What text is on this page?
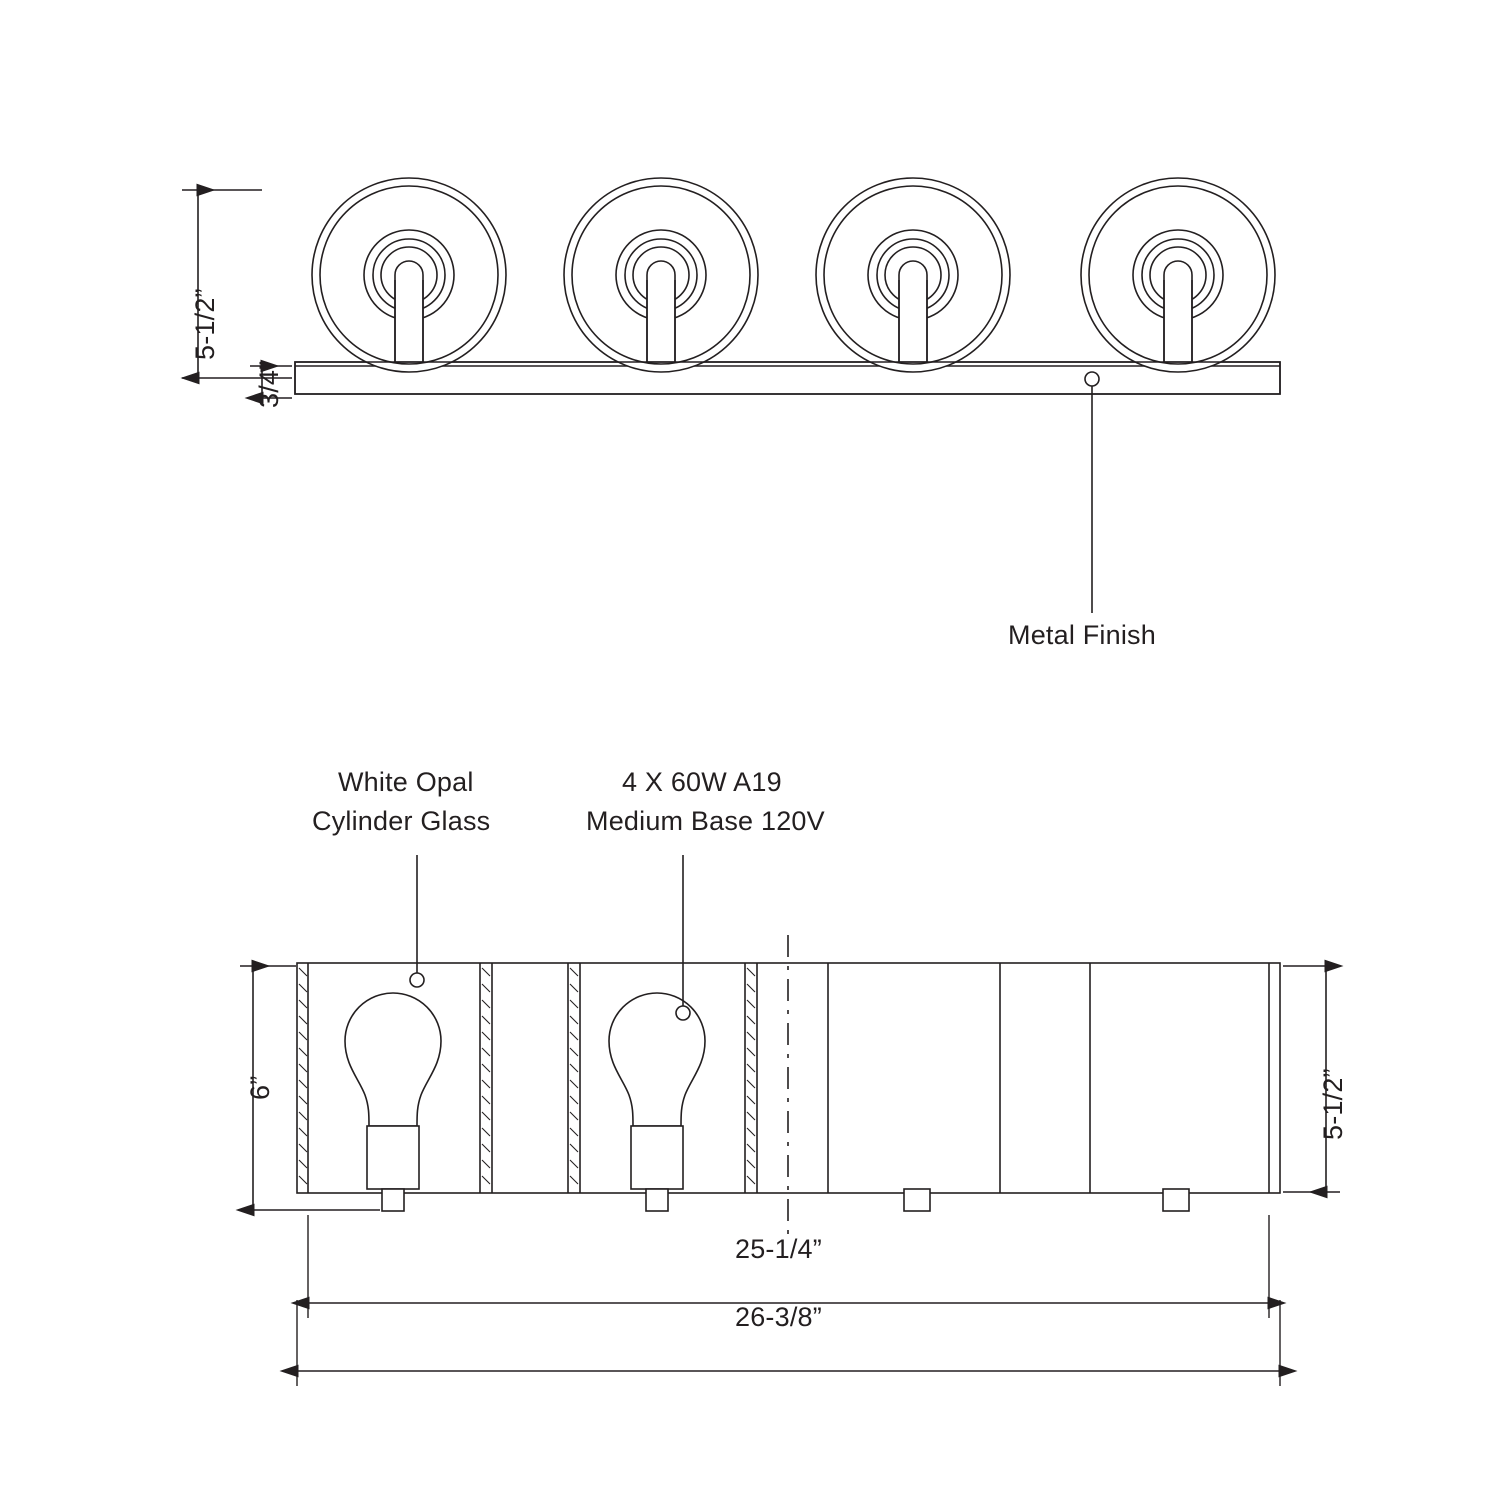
5-1/2”
3/4”
Metal Finish
White Opal
Cylinder Glass
4 X 60W A19
Medium Base 120V
6”	5-1/2”
25-1/4”
26-3/8”
